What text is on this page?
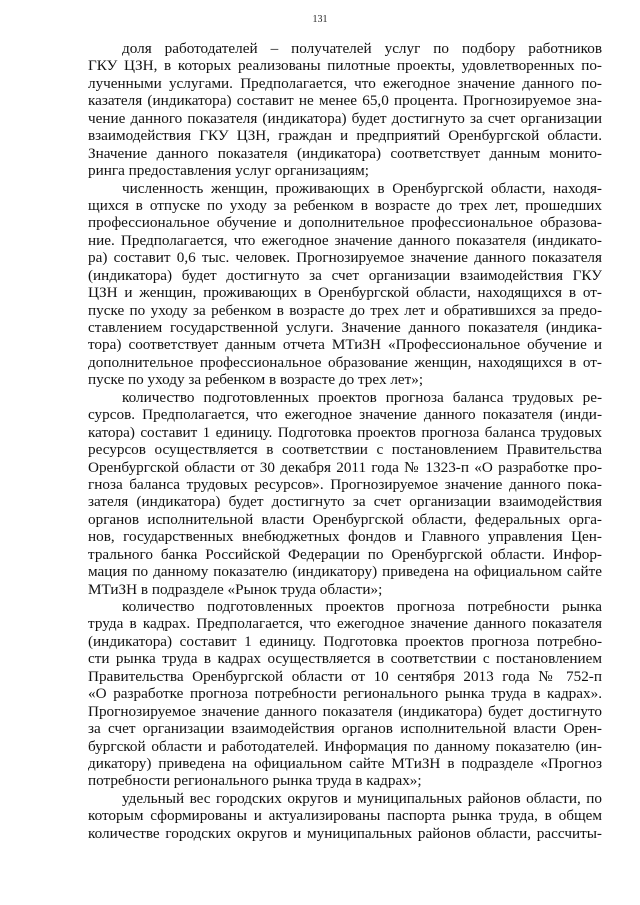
131
доля работодателей – получателей услуг по подбору работников
ГКУ ЦЗН, в которых реализованы пилотные проекты, удовлетворенных по-
лученными услугами. Предполагается, что ежегодное значение данного по-
казателя (индикатора) составит не менее 65,0 процента. Прогнозируемое зна-
чение данного показателя (индикатора) будет достигнуто за счет организации
взаимодействия ГКУ ЦЗН, граждан и предприятий Оренбургской области.
Значение данного показателя (индикатора) соответствует данным монито-
ринга предоставления услуг организациям;
численность женщин, проживающих в Оренбургской области, находя-
щихся в отпуске по уходу за ребенком в возрасте до трех лет, прошедших
профессиональное обучение и дополнительное профессиональное образова-
ние. Предполагается, что ежегодное значение данного показателя (индикато-
ра) составит 0,6 тыс. человек. Прогнозируемое значение данного показателя
(индикатора) будет достигнуто за счет организации взаимодействия ГКУ
ЦЗН и женщин, проживающих в Оренбургской области, находящихся в от-
пуске по уходу за ребенком в возрасте до трех лет и обратившихся за предо-
ставлением государственной услуги. Значение данного показателя (индика-
тора) соответствует данным отчета МТиЗН «Профессиональное обучение и
дополнительное профессиональное образование женщин, находящихся в от-
пуске по уходу за ребенком в возрасте до трех лет»;
количество подготовленных проектов прогноза баланса трудовых ре-
сурсов. Предполагается, что ежегодное значение данного показателя (инди-
катора) составит 1 единицу. Подготовка проектов прогноза баланса трудовых
ресурсов осуществляется в соответствии с постановлением Правительства
Оренбургской области от 30 декабря 2011 года № 1323-п «О разработке про-
гноза баланса трудовых ресурсов». Прогнозируемое значение данного пока-
зателя (индикатора) будет достигнуто за счет организации взаимодействия
органов исполнительной власти Оренбургской области, федеральных орга-
нов, государственных внебюджетных фондов и Главного управления Цен-
трального банка Российской Федерации по Оренбургской области. Инфор-
мация по данному показателю (индикатору) приведена на официальном сайте
МТиЗН в подразделе «Рынок труда области»;
количество подготовленных проектов прогноза потребности рынка
труда в кадрах. Предполагается, что ежегодное значение данного показателя
(индикатора) составит 1 единицу. Подготовка проектов прогноза потребно-
сти рынка труда в кадрах осуществляется в соответствии с постановлением
Правительства Оренбургской области от 10 сентября 2013 года № 752-п
«О разработке прогноза потребности регионального рынка труда в кадрах».
Прогнозируемое значение данного показателя (индикатора) будет достигнуто
за счет организации взаимодействия органов исполнительной власти Орен-
бургской области и работодателей. Информация по данному показателю (ин-
дикатору) приведена на официальном сайте МТиЗН в подразделе «Прогноз
потребности регионального рынка труда в кадрах»;
удельный вес городских округов и муниципальных районов области, по
которым сформированы и актуализированы паспорта рынка труда, в общем
количестве городских округов и муниципальных районов области, рассчиты-
